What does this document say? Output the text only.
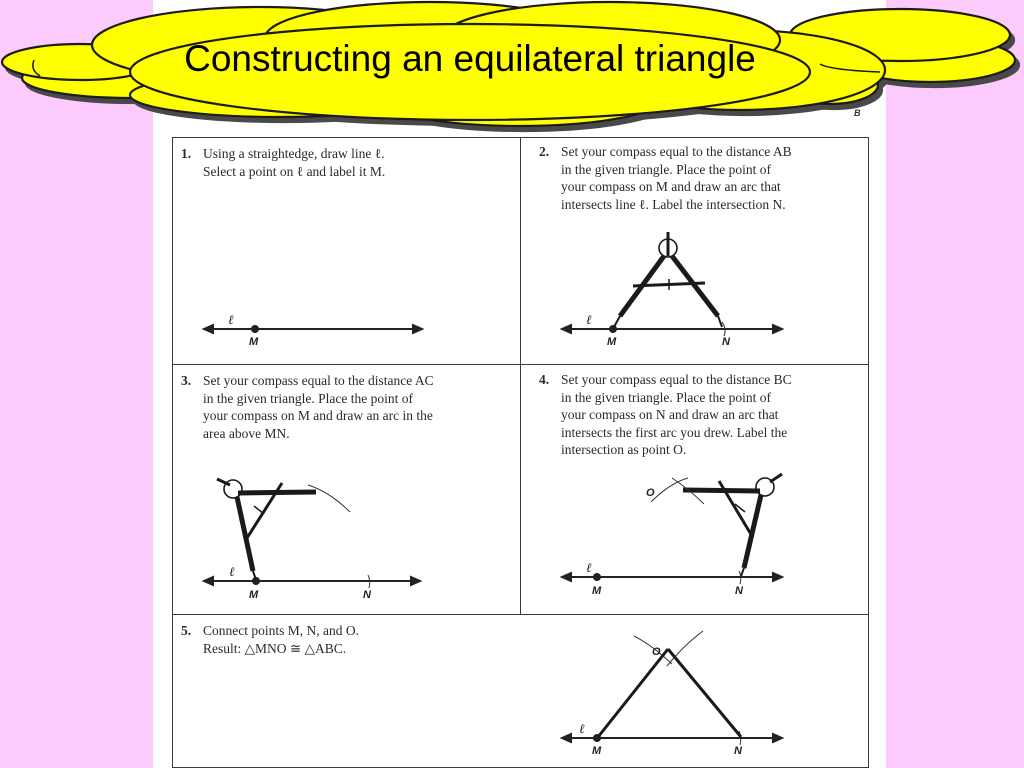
B
1. Using a straightedge, draw line ℓ.
Select a point on ℓ and label it M.
2. Set your compass equal to the distance AB
in the given triangle. Place the point of
your compass on M and draw an arc that
intersects line ℓ. Label the intersection N.
3. Set your compass equal to the distance AC
in the given triangle. Place the point of
your compass on M and draw an arc in the
area above MN.
4. Set your compass equal to the distance BC
in the given triangle. Place the point of
your compass on N and draw an arc that
intersects the first arc you drew. Label the
intersection as point O.
5. Connect points M, N, and O.
Result: △MNO ≅ △ABC.
ℓ
M
ℓ
M	N
ℓ
M	N
ℓ
M	N
O
ℓ
M	N
O
Constructing an equilateral triangle
